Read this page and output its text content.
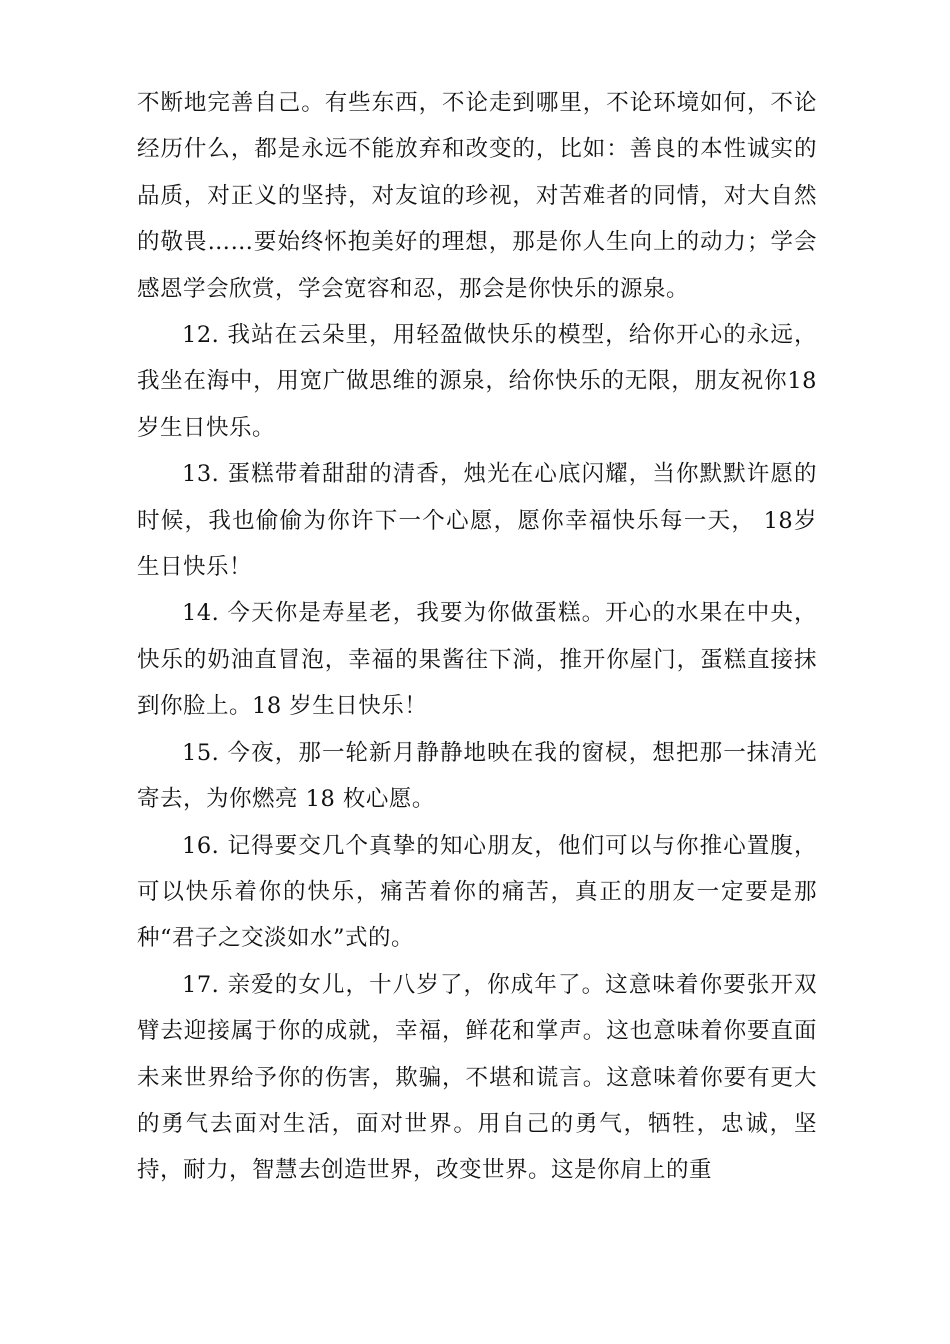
不断地完善自己。有些东西，不论走到哪里，不论环境如何，不论经历什么，都是永远不能放弃和改变的，比如：善良的本性诚实的品质，对正义的坚持，对友谊的珍视，对苦难者的同情，对大自然的敬畏……要始终怀抱美好的理想，那是你人生向上的动力；学会感恩学会欣赏，学会宽容和忍，那会是你快乐的源泉。

12. 我站在云朵里，用轻盈做快乐的模型，给你开心的永远，我坐在海中，用宽广做思维的源泉，给你快乐的无限，朋友祝你18 岁生日快乐。

13. 蛋糕带着甜甜的清香，烛光在心底闪耀，当你默默许愿的时候，我也偷偷为你许下一个心愿，愿你幸福快乐每一天， 18岁生日快乐！

14. 今天你是寿星老，我要为你做蛋糕。开心的水果在中央，快乐的奶油直冒泡，幸福的果酱往下淌，推开你屋门，蛋糕直接抹到你脸上。18 岁生日快乐！

15. 今夜，那一轮新月静静地映在我的窗棂，想把那一抹清光寄去，为你燃亮 18 枚心愿。

16. 记得要交几个真挚的知心朋友，他们可以与你推心置腹，可以快乐着你的快乐，痛苦着你的痛苦，真正的朋友一定要是那种“君子之交淡如水”式的。

17. 亲爱的女儿，十八岁了，你成年了。这意味着你要张开双臂去迎接属于你的成就，幸福，鲜花和掌声。这也意味着你要直面未来世界给予你的伤害，欺骗，不堪和谎言。这意味着你要有更大的勇气去面对生活，面对世界。用自己的勇气，牺牲，忠诚，坚持，耐力，智慧去创造世界，改变世界。这是你肩上的重
